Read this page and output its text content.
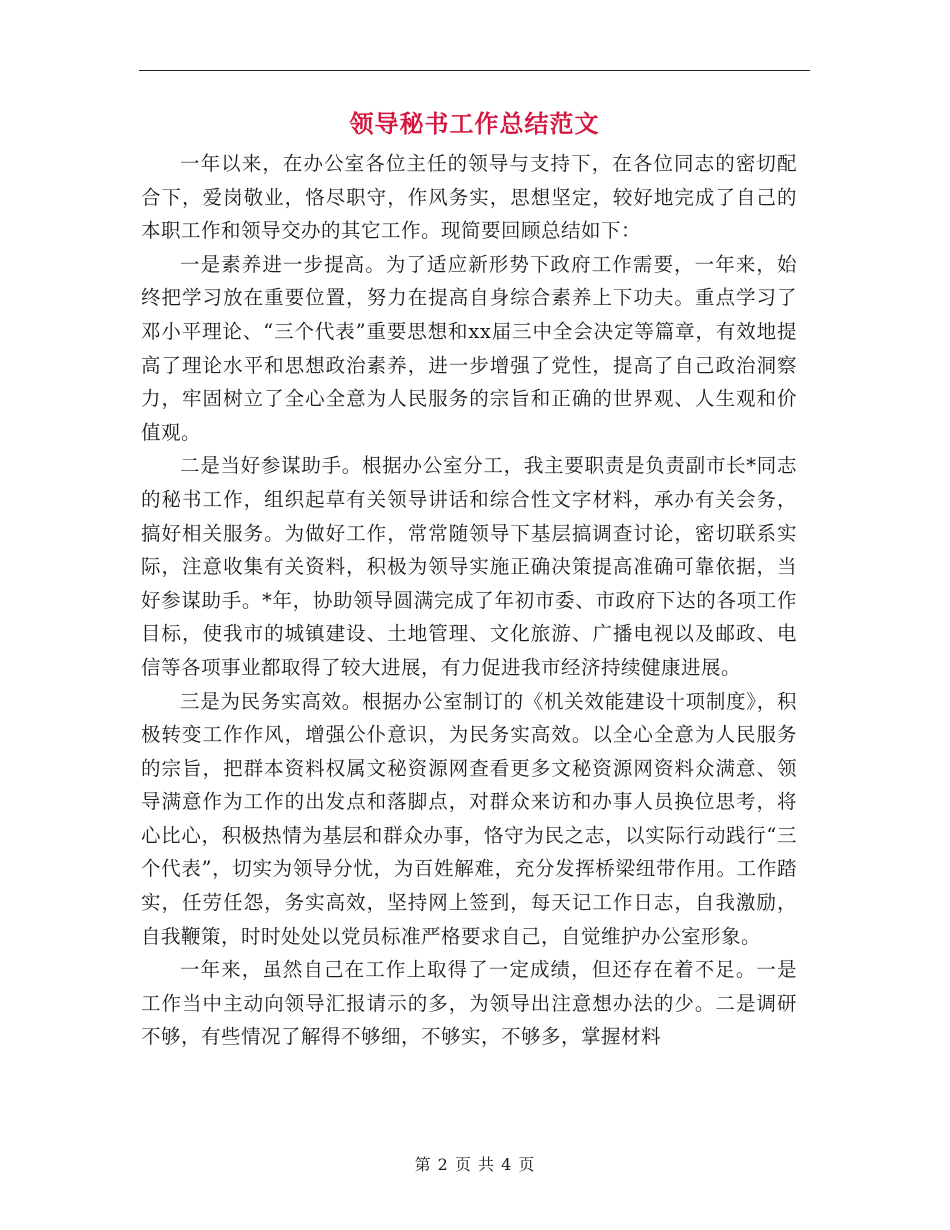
领导秘书工作总结范文

一年以来，在办公室各位主任的领导与支持下，在各位同志的密切配合下，爱岗敬业，恪尽职守，作风务实，思想坚定，较好地完成了自己的本职工作和领导交办的其它工作。现简要回顾总结如下：

一是素养进一步提高。为了适应新形势下政府工作需要，一年来，始终把学习放在重要位置，努力在提高自身综合素养上下功夫。重点学习了邓小平理论、“三个代表”重要思想和xx届三中全会决定等篇章，有效地提高了理论水平和思想政治素养，进一步增强了党性，提高了自己政治洞察力，牢固树立了全心全意为人民服务的宗旨和正确的世界观、人生观和价值观。

二是当好参谋助手。根据办公室分工，我主要职责是负责副市长*同志的秘书工作，组织起草有关领导讲话和综合性文字材料，承办有关会务，搞好相关服务。为做好工作，常常随领导下基层搞调查讨论，密切联系实际，注意收集有关资料，积极为领导实施正确决策提高准确可靠依据，当好参谋助手。*年，协助领导圆满完成了年初市委、市政府下达的各项工作目标，使我市的城镇建设、土地管理、文化旅游、广播电视以及邮政、电信等各项事业都取得了较大进展，有力促进我市经济持续健康进展。

三是为民务实高效。根据办公室制订的《机关效能建设十项制度》，积极转变工作作风，增强公仆意识，为民务实高效。以全心全意为人民服务的宗旨，把群本资料权属文秘资源网查看更多文秘资源网资料众满意、领导满意作为工作的出发点和落脚点，对群众来访和办事人员换位思考，将心比心，积极热情为基层和群众办事，恪守为民之志，以实际行动践行“三个代表”，切实为领导分忧，为百姓解难，充分发挥桥梁纽带作用。工作踏实，任劳任怨，务实高效，坚持网上签到，每天记工作日志，自我激励，自我鞭策，时时处处以党员标准严格要求自己，自觉维护办公室形象。

一年来，虽然自己在工作上取得了一定成绩，但还存在着不足。一是工作当中主动向领导汇报请示的多，为领导出注意想办法的少。二是调研不够，有些情况了解得不够细，不够实，不够多，掌握材料

第 2 页 共 4 页
